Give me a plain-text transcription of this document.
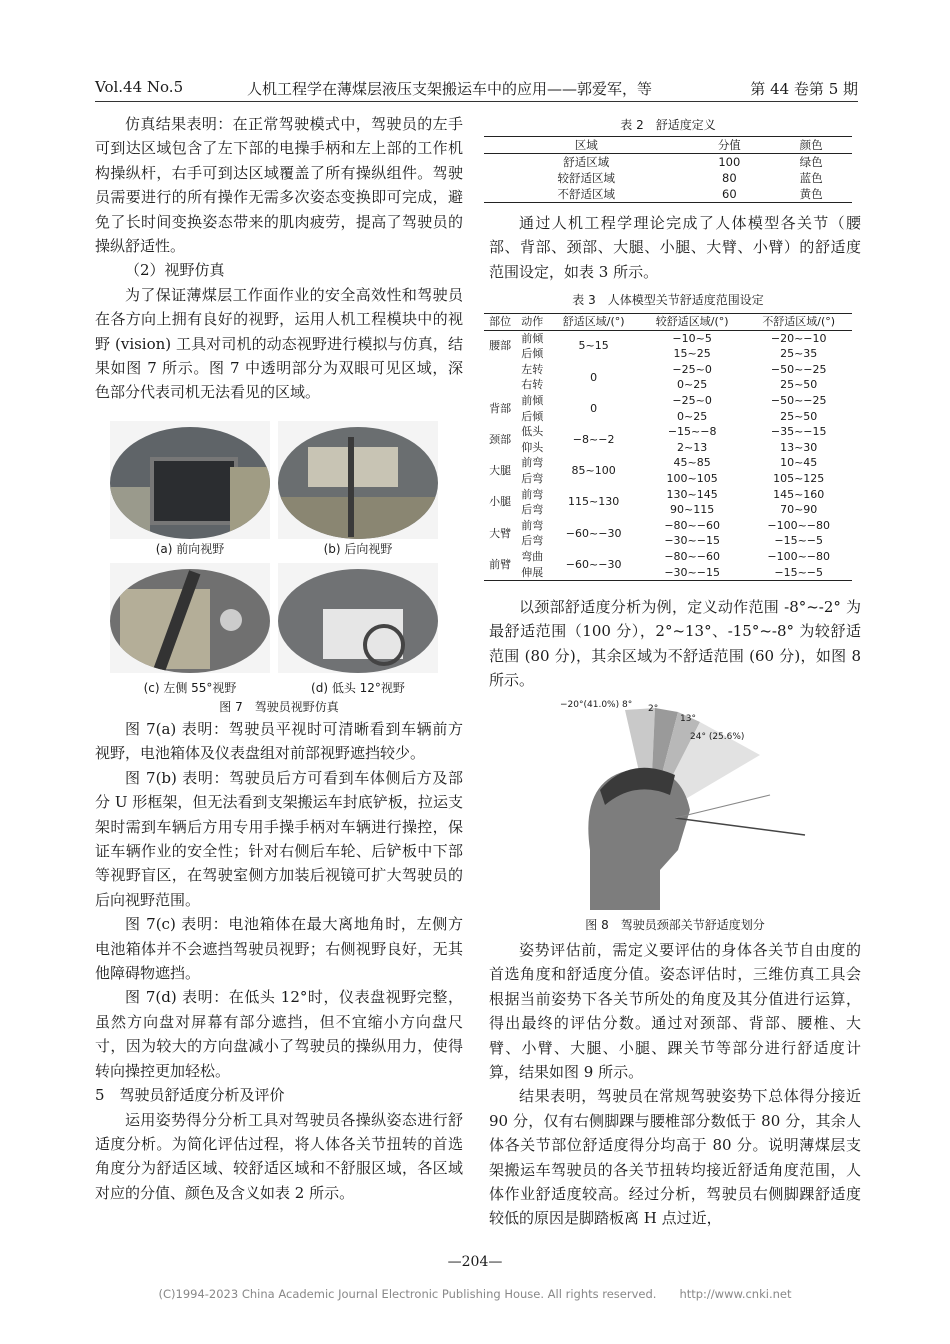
Vol.44 No.5	人机工程学在薄煤层液压支架搬运车中的应用——郭爱军，等	第 44 卷第 5 期

仿真结果表明：在正常驾驶模式中，驾驶员的左手可到达区域包含了左下部的电操手柄和左上部的工作机构操纵杆，右手可到达区域覆盖了所有操纵组件。驾驶员需要进行的所有操作无需多次姿态变换即可完成，避免了长时间变换姿态带来的肌肉疲劳，提高了驾驶员的操纵舒适性。

（2）视野仿真

为了保证薄煤层工作面作业的安全高效性和驾驶员在各方向上拥有良好的视野，运用人机工程模块中的视野 (vision) 工具对司机的动态视野进行模拟与仿真，结果如图 7 所示。图 7 中透明部分为双眼可见区域，深色部分代表司机无法看见的区域。

(a) 前向视野	(b) 后向视野
(c) 左侧 55°视野	(d) 低头 12°视野
图 7　驾驶员视野仿真

图 7(a) 表明：驾驶员平视时可清晰看到车辆前方视野，电池箱体及仪表盘组对前部视野遮挡较少。

图 7(b) 表明：驾驶员后方可看到车体侧后方及部分 U 形框架，但无法看到支架搬运车封底铲板，拉运支架时需到车辆后方用专用手操手柄对车辆进行操控，保证车辆作业的安全性；针对右侧后车轮、后铲板中下部等视野盲区，在驾驶室侧方加装后视镜可扩大驾驶员的后向视野范围。

图 7(c) 表明：电池箱体在最大离地角时，左侧方电池箱体并不会遮挡驾驶员视野；右侧视野良好，无其他障碍物遮挡。

图 7(d) 表明：在低头 12°时，仪表盘视野完整，虽然方向盘对屏幕有部分遮挡，但不宜缩小方向盘尺寸，因为较大的方向盘减小了驾驶员的操纵用力，使得转向操控更加轻松。

5　驾驶员舒适度分析及评价

运用姿势得分分析工具对驾驶员各操纵姿态进行舒适度分析。为简化评估过程，将人体各关节扭转的首选角度分为舒适区域、较舒适区域和不舒服区域，各区域对应的分值、颜色及含义如表 2 所示。

表 2　舒适度定义
区域	分值	颜色
舒适区域	100	绿色
较舒适区域	80	蓝色
不舒适区域	60	黄色

通过人机工程学理论完成了人体模型各关节（腰部、背部、颈部、大腿、小腿、大臂、小臂）的舒适度范围设定，如表 3 所示。

表 3　人体模型关节舒适度范围设定
部位	动作	舒适区域/(°)	较舒适区域/(°)	不舒适区域/(°)
腰部	前倾	5~15	−10~5	−20~−10
	后倾		15~25	25~35
	左转	0	−25~0	−50~−25
	右转		0~25	25~50
背部	前倾	0	−25~0	−50~−25
	后倾		0~25	25~50
颈部	低头	−8~−2	−15~−8	−35~−15
	仰头		2~13	13~30
大腿	前弯	85~100	45~85	10~45
	后弯		100~105	105~125
小腿	前弯	115~130	130~145	145~160
	后弯		90~115	70~90
大臂	前弯	−60~−30	−80~−60	−100~−80
	后弯		−30~−15	−15~−5
前臂	弯曲	−60~−30	−80~−60	−100~−80
	伸展		−30~−15	−15~−5

以颈部舒适度分析为例，定义动作范围 -8°~-2° 为最舒适范围（100 分），2°~13°、-15°~-8° 为较舒适范围 (80 分)，其余区域为不舒适范围 (60 分)，如图 8 所示。

−20°(41.0%) 8° 2°
13°
24° (25.6%)
图 8　驾驶员颈部关节舒适度划分

姿势评估前，需定义要评估的身体各关节自由度的首选角度和舒适度分值。姿态评估时，三维仿真工具会根据当前姿势下各关节所处的角度及其分值进行运算，得出最终的评估分数。通过对颈部、背部、腰椎、大臂、小臂、大腿、小腿、踝关节等部分进行舒适度计算，结果如图 9 所示。

结果表明，驾驶员在常规驾驶姿势下总体得分接近 90 分，仅有右侧脚踝与腰椎部分数低于 80 分，其余人体各关节部位舒适度得分均高于 80 分。说明薄煤层支架搬运车驾驶员的各关节扭转均接近舒适角度范围，人体作业舒适度较高。经过分析，驾驶员右侧脚踝舒适度较低的原因是脚踏板离 H 点过近，

—204—
(C)1994-2023 China Academic Journal Electronic Publishing House. All rights reserved.　　http://www.cnki.net
